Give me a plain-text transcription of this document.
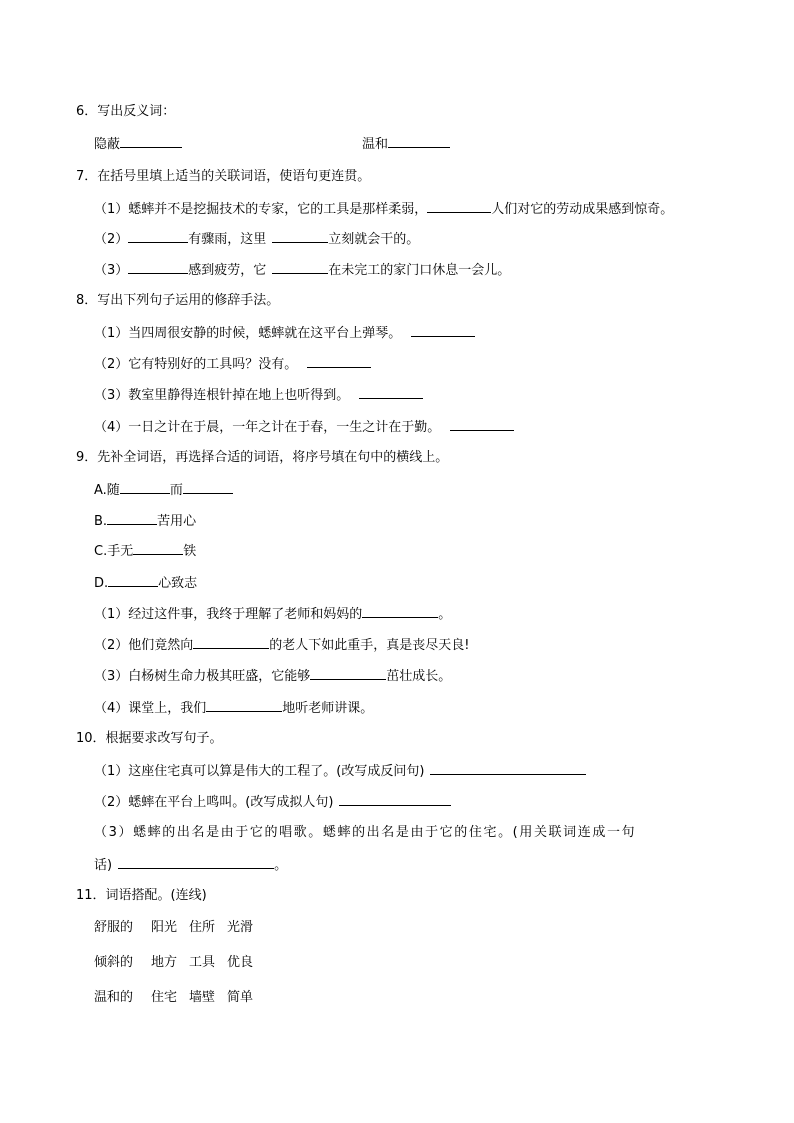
6．写出反义词：
隐蔽	温和
7．在括号里填上适当的关联词语，使语句更连贯。
（1）蟋蟀并不是挖掘技术的专家，它的工具是那样柔弱，	人们对它的劳动成果感到惊奇。
（2）	有骤雨，这里	立刻就会干的。
（3）	感到疲劳，它	在未完工的家门口休息一会儿。
8．写出下列句子运用的修辞手法。
（1）当四周很安静的时候，蟋蟀就在这平台上弹琴。
（2）它有特别好的工具吗？没有。
（3）教室里静得连根针掉在地上也听得到。
（4）一日之计在于晨，一年之计在于春，一生之计在于勤。
9．先补全词语，再选择合适的词语，将序号填在句中的横线上。
A.随	而
B.	苦用心
C.手无	铁
D.	心致志
（1）经过这件事，我终于理解了老师和妈妈的	。
（2）他们竟然向	的老人下如此重手，真是丧尽天良!
（3）白杨树生命力极其旺盛，它能够	茁壮成长。
（4）课堂上，我们	地听老师讲课。
10．根据要求改写句子。
（1）这座住宅真可以算是伟大的工程了。(改写成反问句)
（2）蟋蟀在平台上鸣叫。(改写成拟人句)
（3）蟋蟀的出名是由于它的唱歌。蟋蟀的出名是由于它的住宅。(用关联词连成一句
话)	。
11．词语搭配。(连线)
舒服的 阳光 住所 光滑
倾斜的 地方 工具 优良
温和的 住宅 墙壁 简单
